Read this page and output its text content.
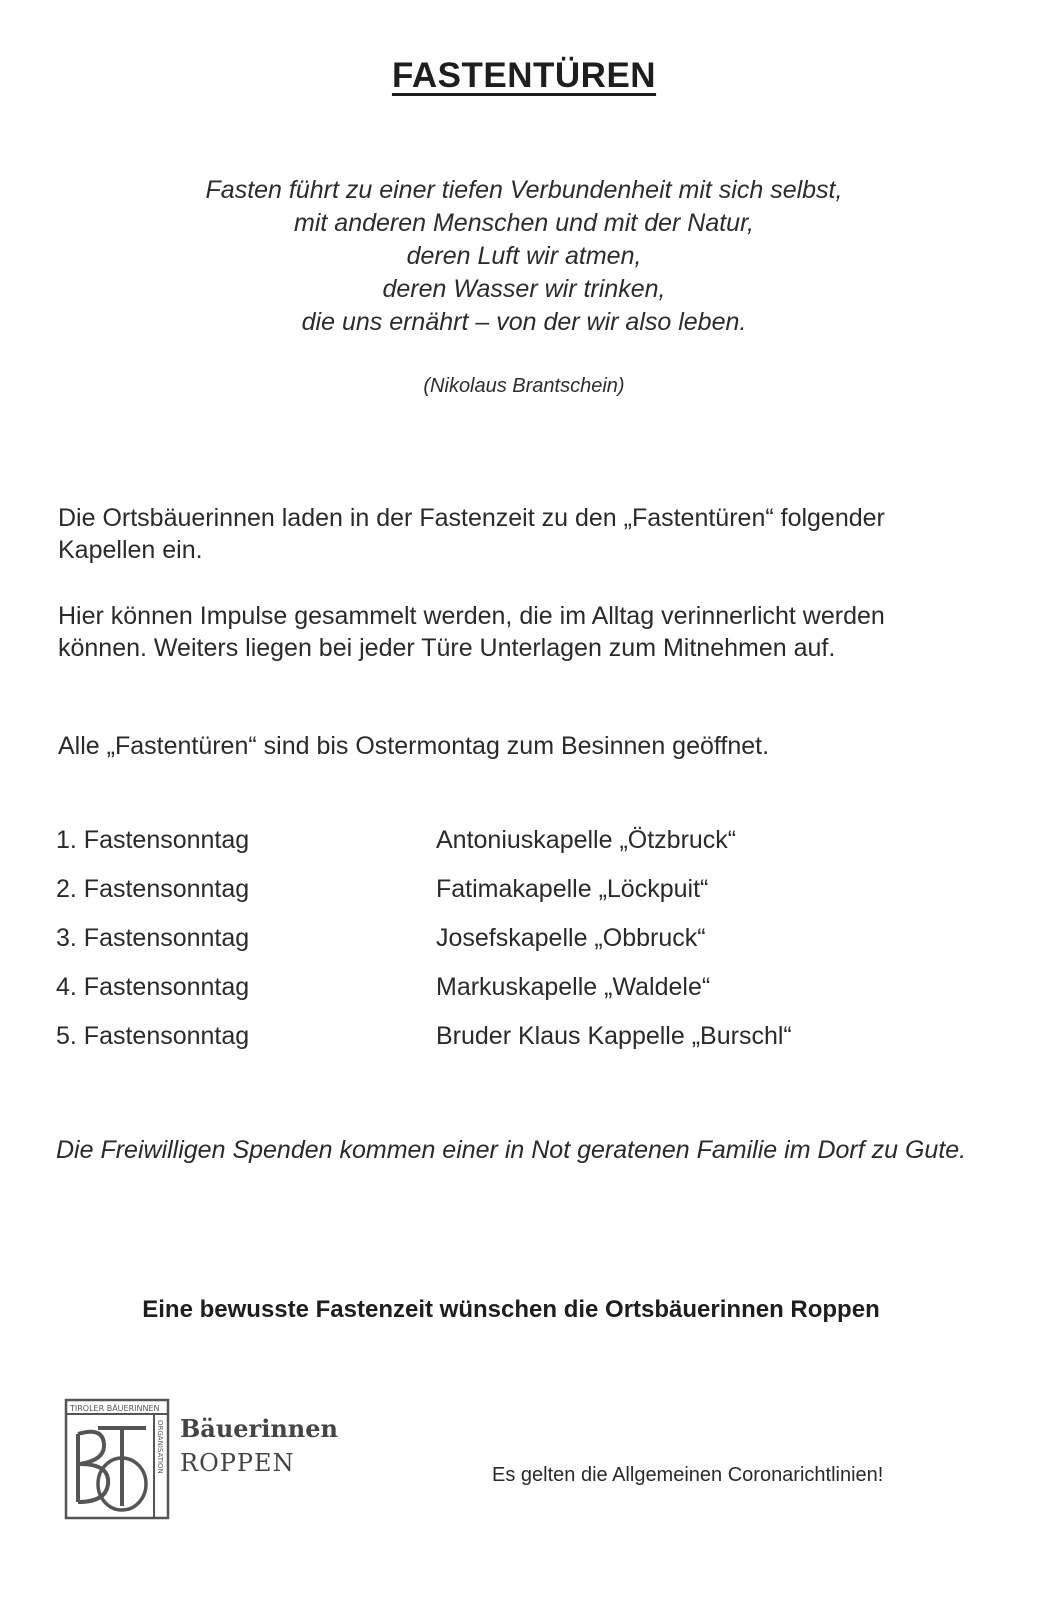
FASTENTÜREN
Fasten führt zu einer tiefen Verbundenheit mit sich selbst,
mit anderen Menschen und mit der Natur,
deren Luft wir atmen,
deren Wasser wir trinken,
die uns ernährt – von der wir also leben.
(Nikolaus Brantschein)

Die Ortsbäuerinnen laden in der Fastenzeit zu den „Fastentüren“ folgender Kapellen ein.

Hier können Impulse gesammelt werden, die im Alltag verinnerlicht werden können. Weiters liegen bei jeder Türe Unterlagen zum Mitnehmen auf.

Alle „Fastentüren“ sind bis Ostermontag zum Besinnen geöffnet.

1. Fastensonntag	Antoniuskapelle „Ötzbruck“
2. Fastensonntag	Fatimakapelle „Löckpuit“
3. Fastensonntag	Josefskapelle „Obbruck“
4. Fastensonntag	Markuskapelle „Waldele“
5. Fastensonntag	Bruder Klaus Kappelle „Burschl“

Die Freiwilligen Spenden kommen einer in Not geratenen Familie im Dorf zu Gute.

Eine bewusste Fastenzeit wünschen die Ortsbäuerinnen Roppen
TIROLER BÄUERINNEN
ORGANISATION Bäuerinnen
ROPPEN	Es gelten die Allgemeinen Coronarichtlinien!
